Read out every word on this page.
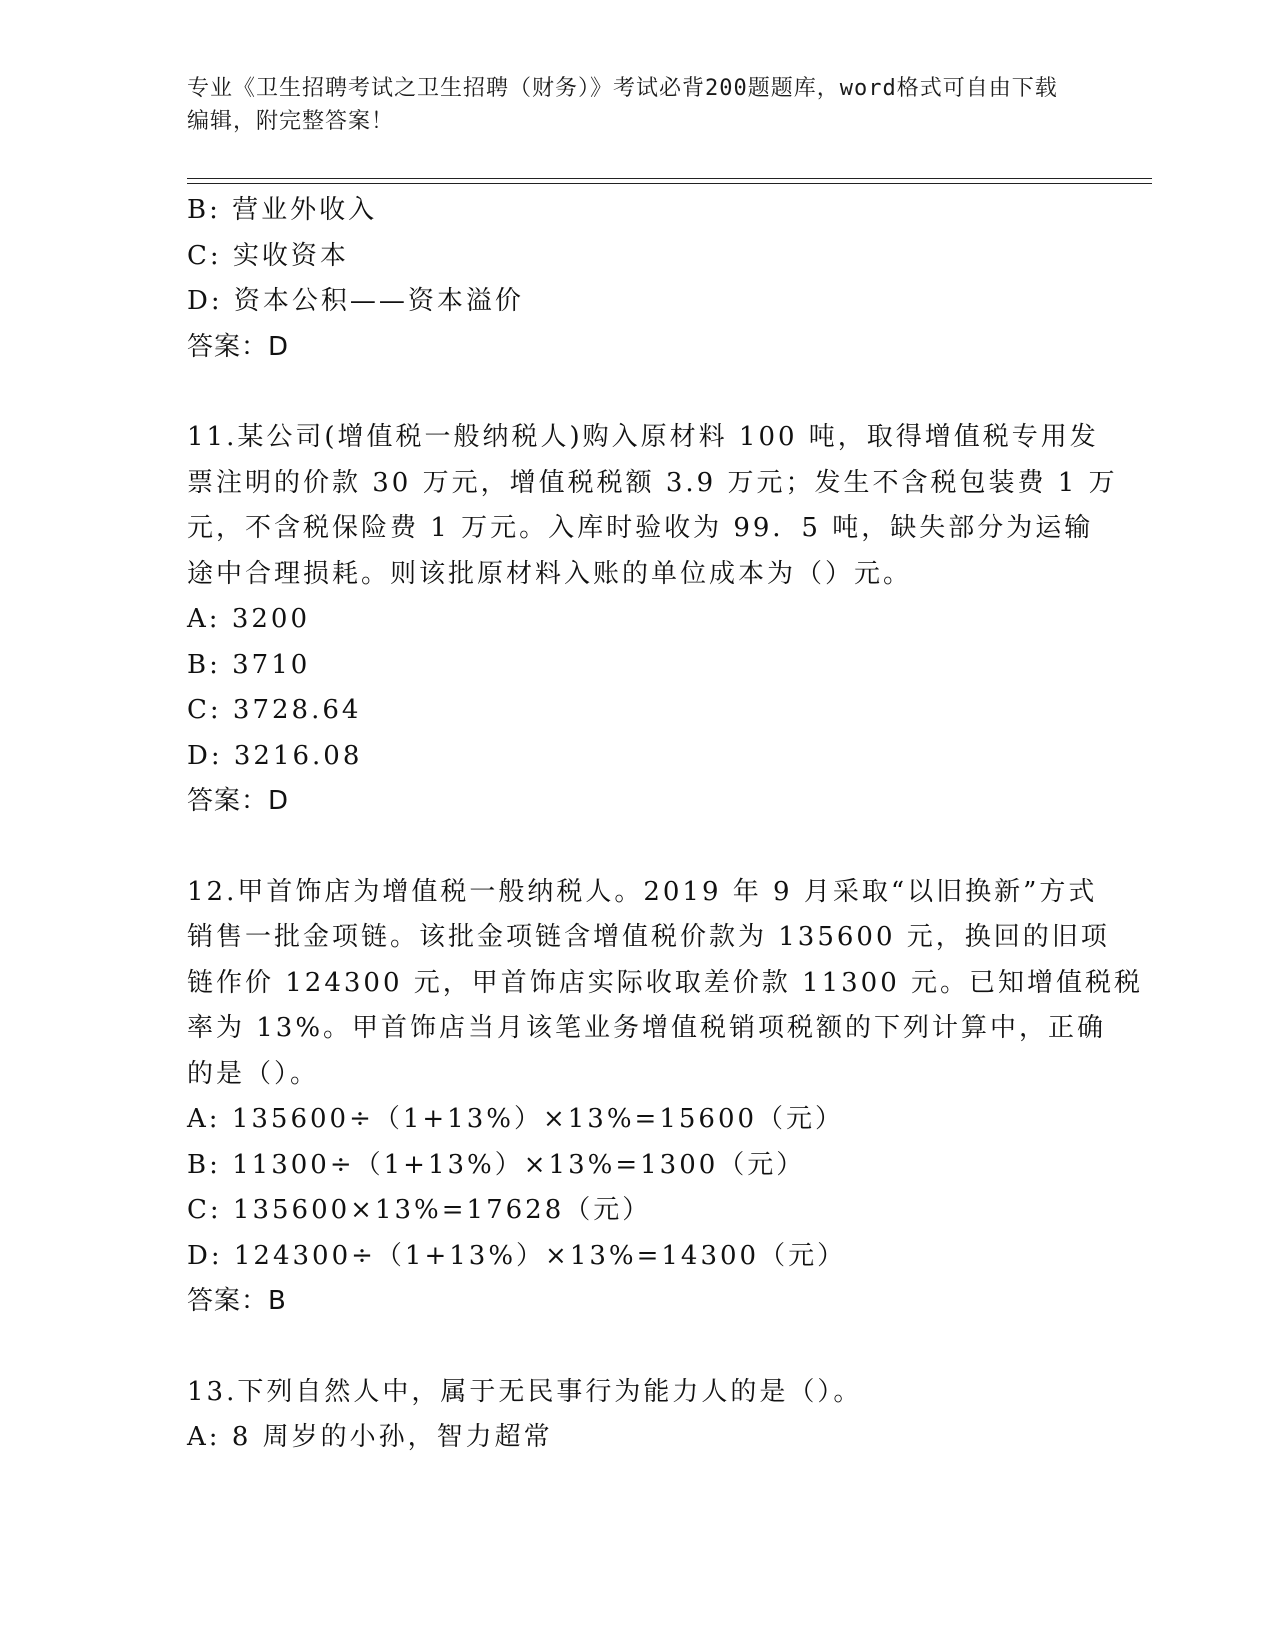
专业《卫生招聘考试之卫生招聘（财务）》考试必背200题题库，word格式可自由下载编辑，附完整答案！
B: 营业外收入
C: 实收资本
D: 资本公积——资本溢价
答案：D
11.某公司(增值税一般纳税人)购入原材料 100 吨，取得增值税专用发
票注明的价款 30 万元，增值税税额 3.9 万元；发生不含税包装费 1 万
元，不含税保险费 1 万元。入库时验收为 99．5 吨，缺失部分为运输
途中合理损耗。则该批原材料入账的单位成本为（）元。
A: 3200
B: 3710
C: 3728.64
D: 3216.08
答案：D
12.甲首饰店为增值税一般纳税人。2019 年 9 月采取“以旧换新”方式
销售一批金项链。该批金项链含增值税价款为 135600 元，换回的旧项
链作价 124300 元，甲首饰店实际收取差价款 11300 元。已知增值税税
率为 13%。甲首饰店当月该笔业务增值税销项税额的下列计算中，正确
的是（）。
A: 135600÷（1+13%）×13%=15600（元）
B: 11300÷（1+13%）×13%=1300（元）
C: 135600×13%=17628（元）
D: 124300÷（1+13%）×13%=14300（元）
答案：B
13.下列自然人中，属于无民事行为能力人的是（）。
A: 8 周岁的小孙，智力超常
